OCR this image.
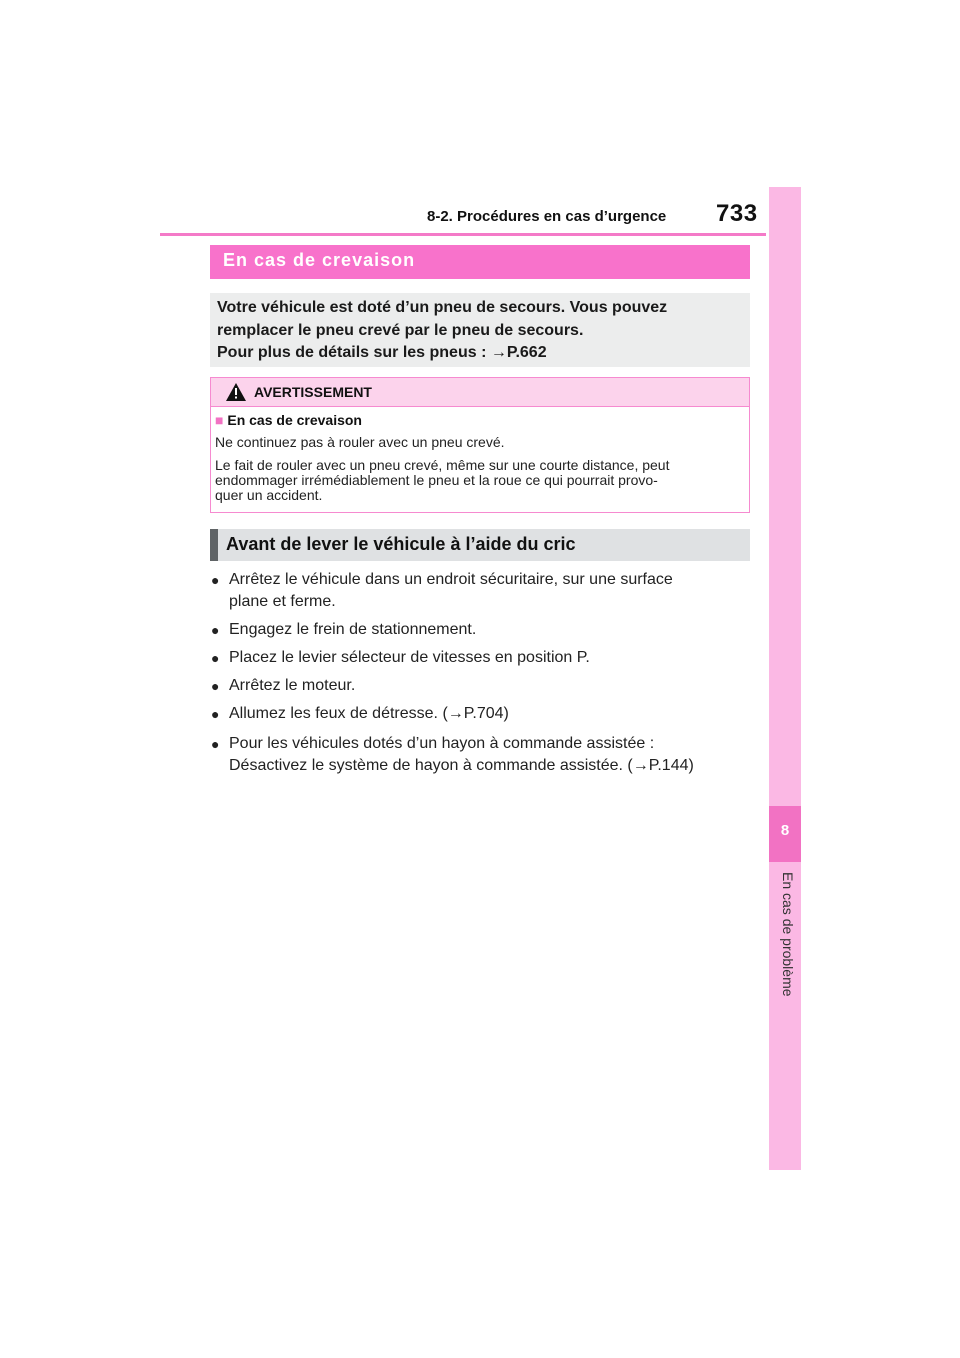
8-2. Procédures en cas d’urgence 733
8
En cas de problème
En cas de crevaison

Votre véhicule est doté d’un pneu de secours. Vous pouvez

remplacer le pneu crevé par le pneu de secours.

Pour plus de détails sur les pneus : →P.662

AVERTISSEMENT
■ En cas de crevaison

Ne continuez pas à rouler avec un pneu crevé.

Le fait de rouler avec un pneu crevé, même sur une courte distance, peut

endommager irrémédiablement le pneu et la roue ce qui pourrait provo-

quer un accident.

Avant de lever le véhicule à l’aide du cric
● Arrêtez le véhicule dans un endroit sécuritaire, sur une surface
plane et ferme.
● Engagez le frein de stationnement.
● Placez le levier sélecteur de vitesses en position P.
● Arrêtez le moteur.
● Allumez les feux de détresse. (→P.704)
● Pour les véhicules dotés d’un hayon à commande assistée :
Désactivez le système de hayon à commande assistée. (→P.144)
